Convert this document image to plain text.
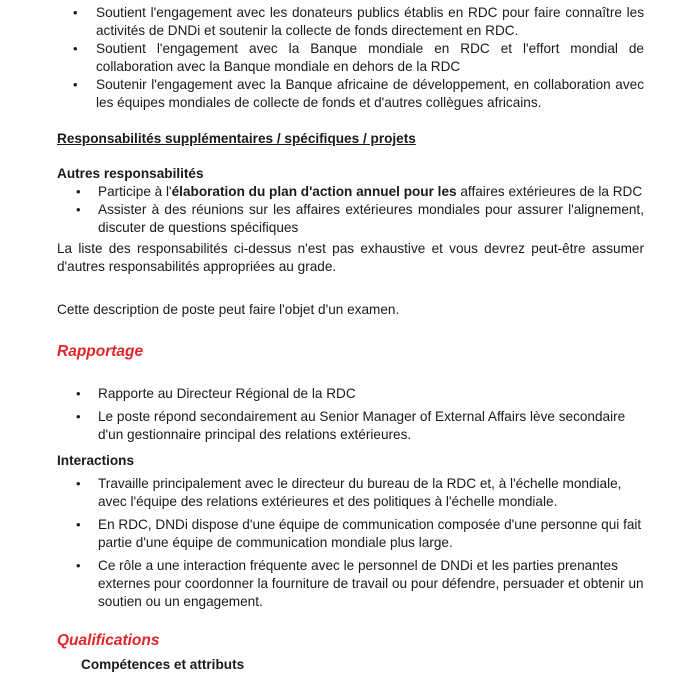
• Soutient l'engagement avec les donateurs publics établis en RDC pour faire connaître les activités de DNDi et soutenir la collecte de fonds directement en RDC.
• Soutient l'engagement avec la Banque mondiale en RDC et l'effort mondial de collaboration avec la Banque mondiale en dehors de la RDC
• Soutenir l'engagement avec la Banque africaine de développement, en collaboration avec les équipes mondiales de collecte de fonds et d'autres collègues africains.
Responsabilités supplémentaires / spécifiques / projets
Autres responsabilités
• Participe à l'élaboration du plan d'action annuel pour les affaires extérieures de la RDC
• Assister à des réunions sur les affaires extérieures mondiales pour assurer l'alignement, discuter de questions spécifiques
La liste des responsabilités ci-dessus n'est pas exhaustive et vous devrez peut-être assumer d'autres responsabilités appropriées au grade.
Cette description de poste peut faire l'objet d'un examen.
Rapportage
• Rapporte au Directeur Régional de la RDC
• Le poste répond secondairement au Senior Manager of External Affairs lève secondaire d'un gestionnaire principal des relations extérieures.
Interactions
• Travaille principalement avec le directeur du bureau de la RDC et, à l'échelle mondiale, avec l'équipe des relations extérieures et des politiques à l'échelle mondiale.
• En RDC, DNDi dispose d'une équipe de communication composée d'une personne qui fait partie d'une équipe de communication mondiale plus large.
• Ce rôle a une interaction fréquente avec le personnel de DNDi et les parties prenantes externes pour coordonner la fourniture de travail ou pour défendre, persuader et obtenir un soutien ou un engagement.
Qualifications
Compétences et attributs
